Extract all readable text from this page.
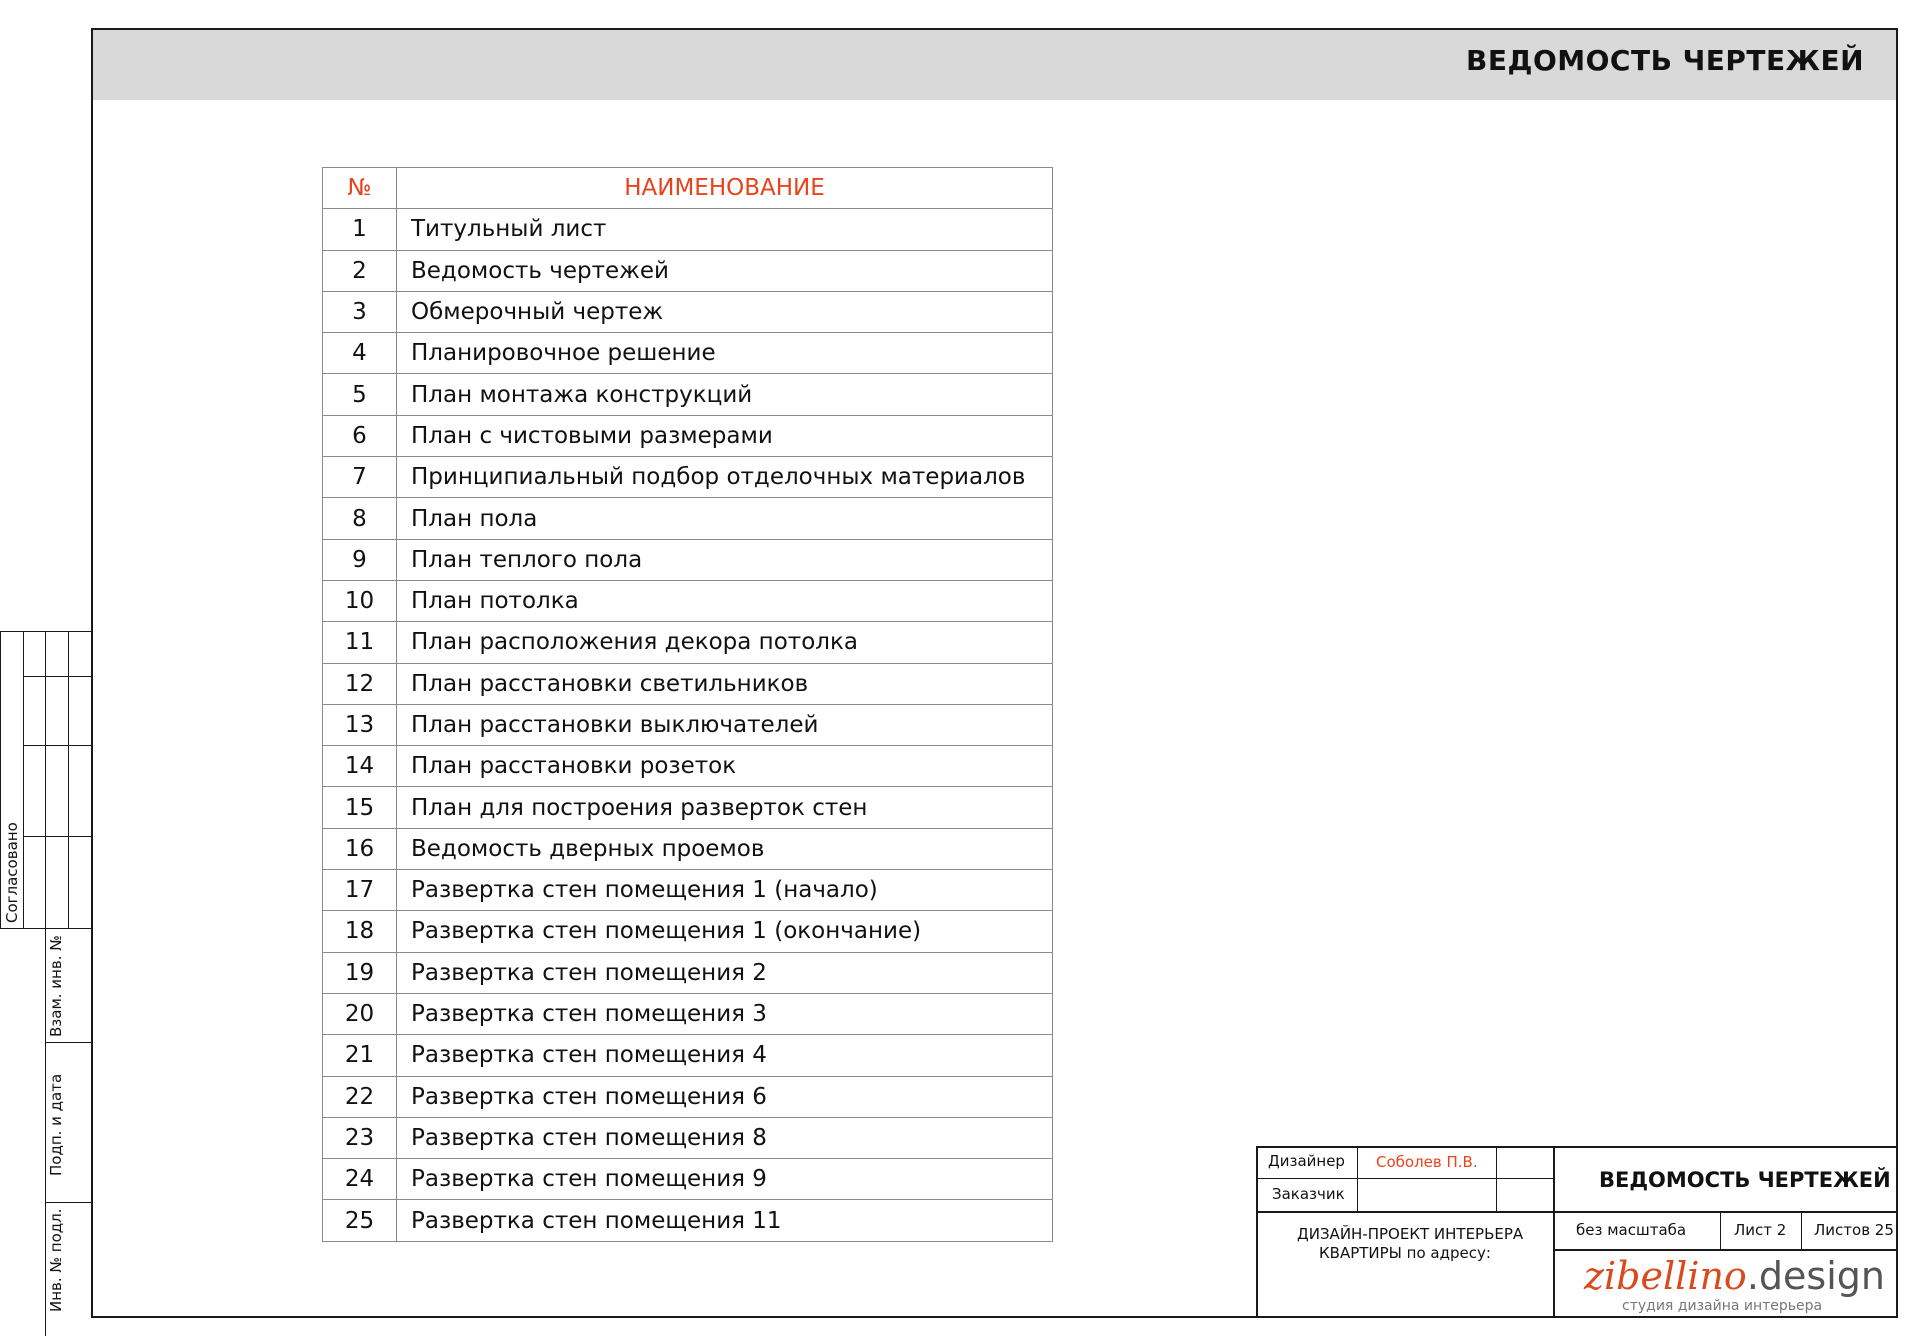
ВЕДОМОСТЬ ЧЕРТЕЖЕЙ
Согласовано
Взам. инв. №
Подп. и дата
Инв. № подл.
№	НАИМЕНОВАНИЕ
1	Титульный лист
2	Ведомость чертежей
3	Обмерочный чертеж
4	Планировочное решение
5	План монтажа конструкций
6	План с чистовыми размерами
7	Принципиальный подбор отделочных материалов
8	План пола
9	План теплого пола
10	План потолка
11	План расположения декора потолка
12	План расстановки светильников
13	План расстановки выключателей
14	План расстановки розеток
15	План для построения разверток стен
16	Ведомость дверных проемов
17	Развертка стен помещения 1 (начало)
18	Развертка стен помещения 1 (окончание)
19	Развертка стен помещения 2
20	Развертка стен помещения 3
21	Развертка стен помещения 4
22	Развертка стен помещения 6
23	Развертка стен помещения 8
24	Развертка стен помещения 9
25	Развертка стен помещения 11
Дизайнер Соболев П.В.
Заказчик
ВЕДОМОСТЬ ЧЕРТЕЖЕЙ
ДИЗАЙН-ПРОЕКТ ИНТЕРЬЕРА
КВАРТИРЫ по адресу:
без масштаба	Лист 2 Листов 25
zibellino.design
студия дизайна интерьера
